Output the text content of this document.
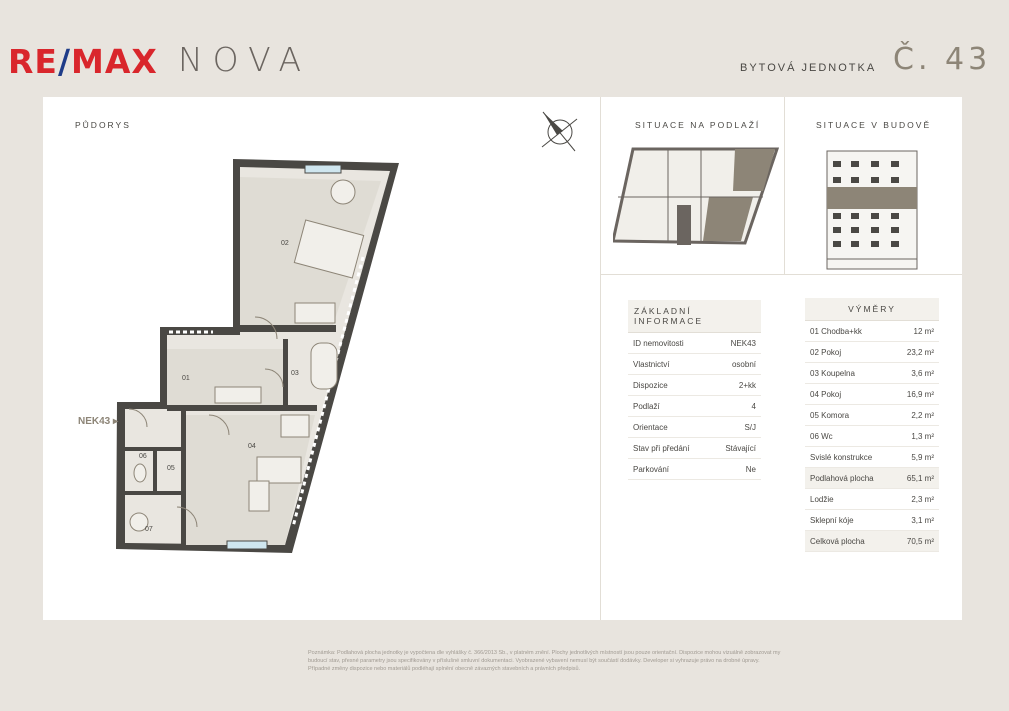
NOVA
RE/MAX	BYTOVÁ JEDNOTKA Č. 43
PŮDORYS
02
01
03
04
05
06
07
NEK43 ▸
SITUACE NA PODLAŽÍ	SITUACE V BUDOVĚ
ZÁKLADNÍ INFORMACE	
ID nemovitosti	NEK43
Vlastnictví	osobní
Dispozice	2+kk
Podlaží	4
Orientace	S/J
Stav při předání	Stávající
Parkování	Ne
VÝMĚRY	
01 Chodba+kk	12 m²
02 Pokoj	23,2 m²
03 Koupelna	3,6 m²
04 Pokoj	16,9 m²
05 Komora	2,2 m²
06 Wc	1,3 m²
Svislé konstrukce	5,9 m²
Podlahová plocha	65,1 m²
Lodžie	2,3 m²
Sklepní kóje	3,1 m²
Celková plocha	70,5 m²
Poznámka: Podlahová plocha jednotky je vypočtena dle vyhlášky č. 366/2013 Sb., v platném znění. Plochy jednotlivých místností jsou pouze orientační. Dispozice mohou vizuálně zobrazovat my
budoucí stav, přesné parametry jsou specifikovány v příslušné smluvní dokumentaci. Vyobrazené vybavení nemusí být součástí dodávky. Developer si vyhrazuje právo na drobné úpravy.
Případné změny dispozice nebo materiálů podléhají splnění obecně závazných stavebních a právních předpisů.
